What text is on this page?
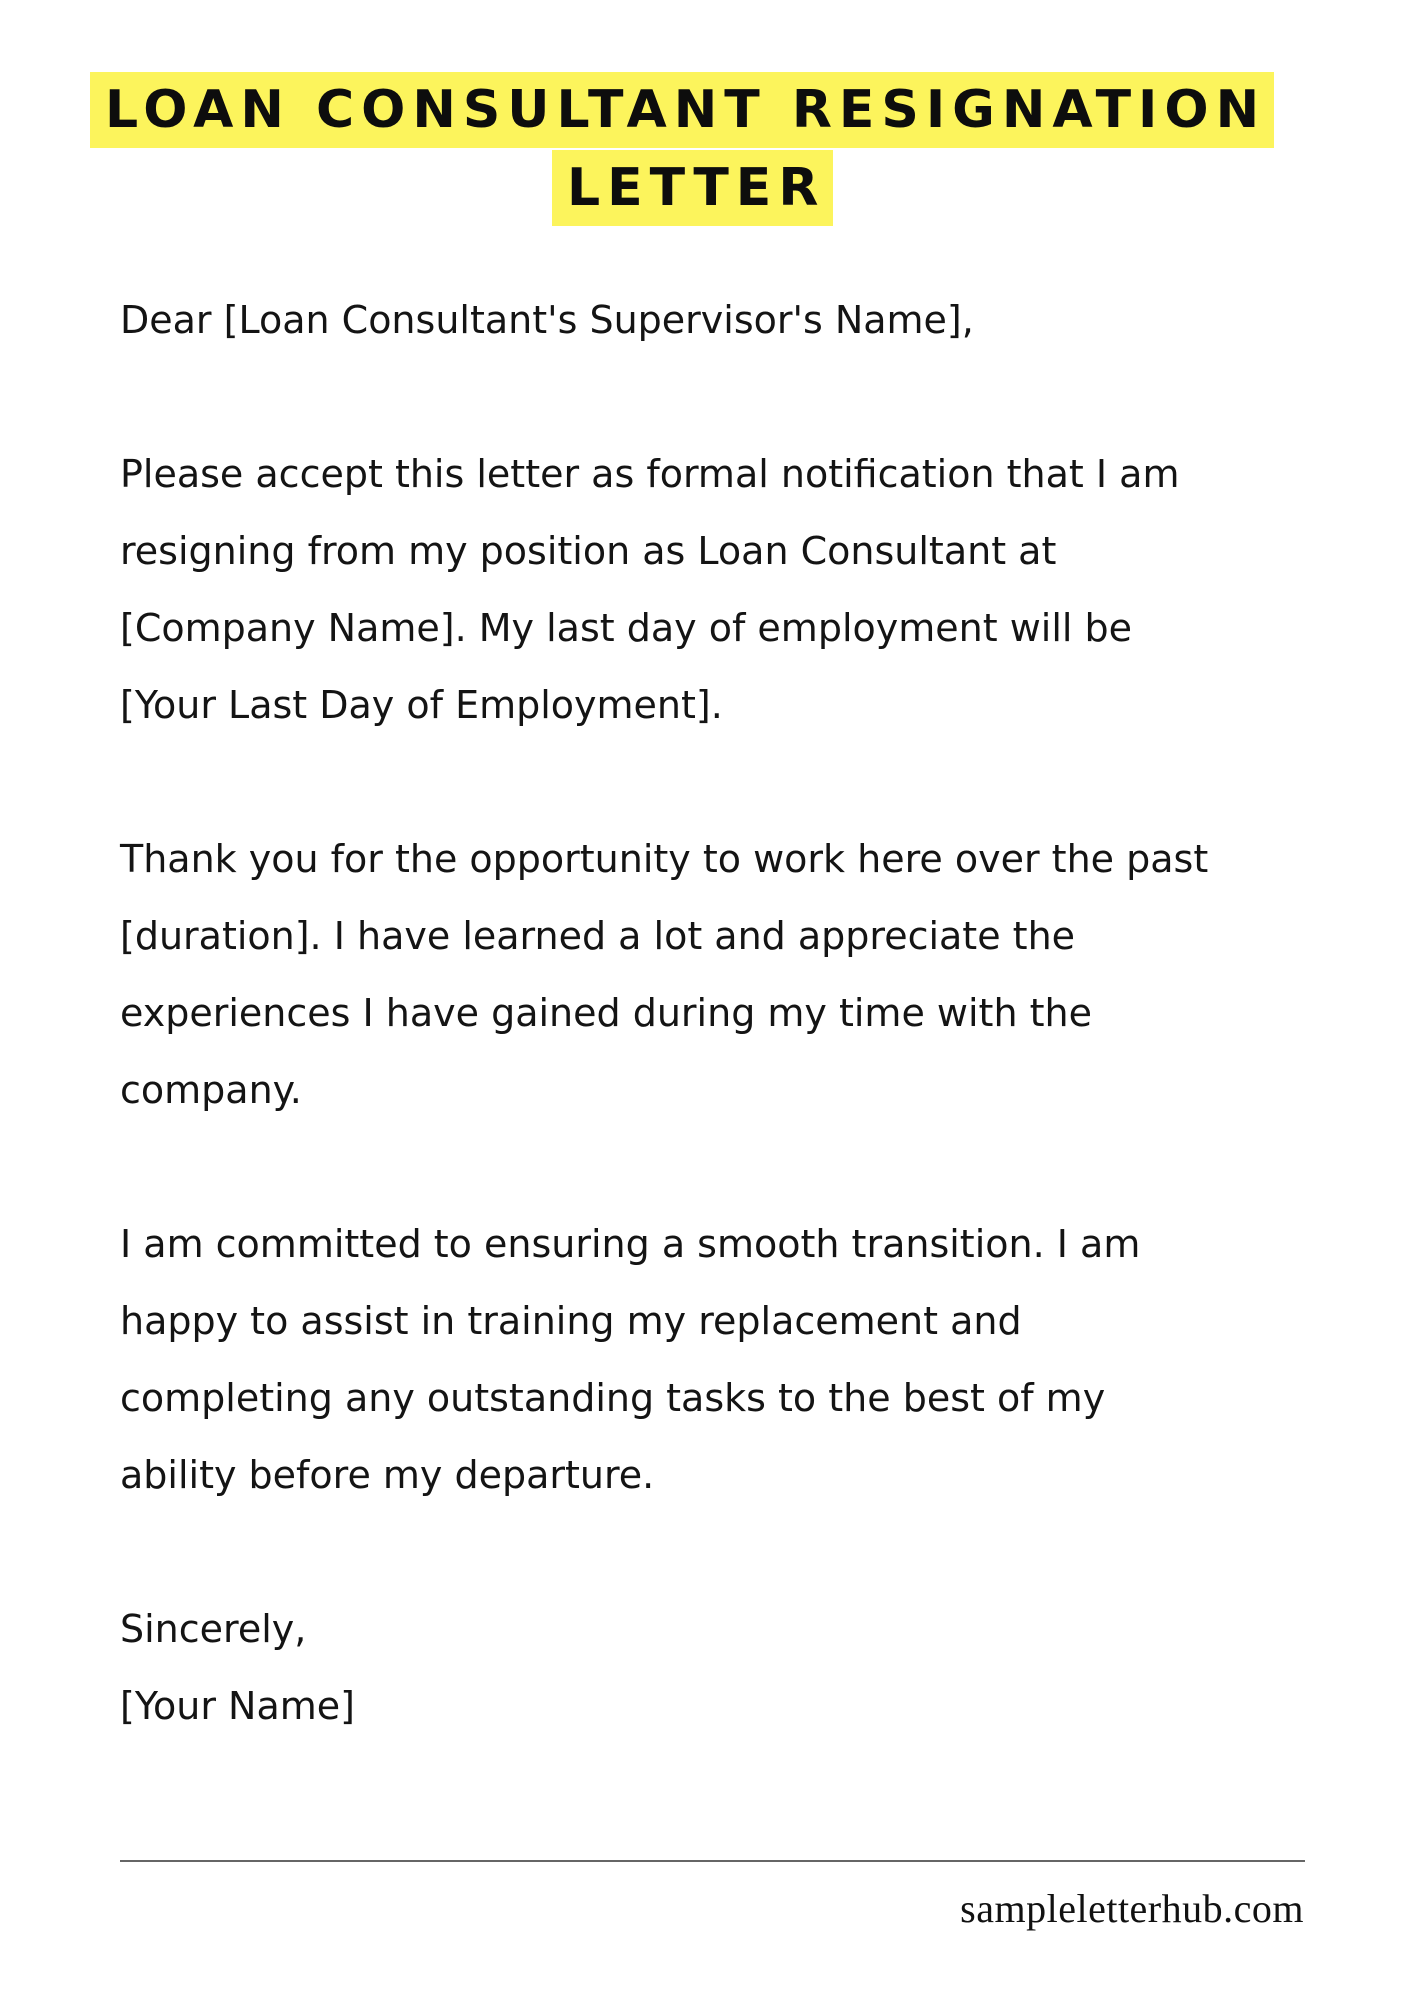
LOAN CONSULTANT RESIGNATION
LETTER

Dear [Loan Consultant's Supervisor's Name],

Please accept this letter as formal notification that I am

resigning from my position as Loan Consultant at

[Company Name]. My last day of employment will be

[Your Last Day of Employment].

Thank you for the opportunity to work here over the past

[duration]. I have learned a lot and appreciate the

experiences I have gained during my time with the

company.

I am committed to ensuring a smooth transition. I am

happy to assist in training my replacement and

completing any outstanding tasks to the best of my

ability before my departure.

Sincerely,

[Your Name]

sampleletterhub.com
